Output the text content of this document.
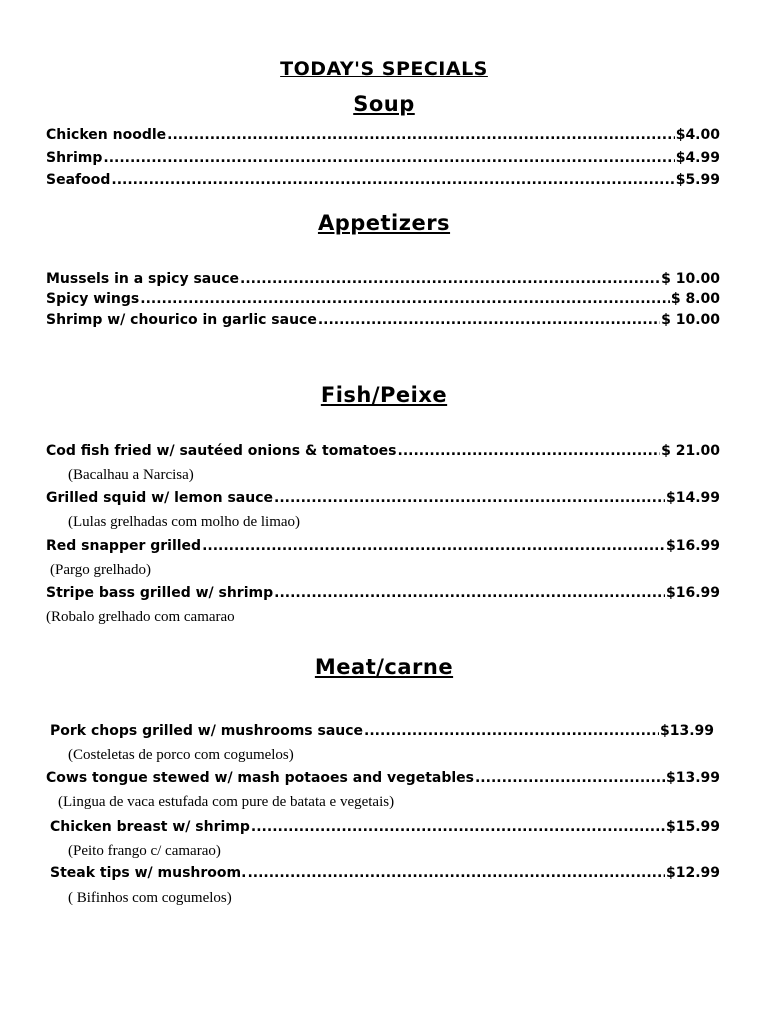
TODAY'S SPECIALS
Soup
Chicken noodle .....	$4.00
Shrimp .....	$4.99
Seafood .....	$5.99
Appetizers
Mussels in a spicy sauce .....	$ 10.00
Spicy wings .....	$ 8.00
Shrimp w/ chourico in garlic sauce .....	$ 10.00
Fish/Peixe
Cod fish fried w/ sautéed onions & tomatoes .....	$ 21.00
(Bacalhau a Narcisa)
Grilled squid w/ lemon sauce .....	$14.99
(Lulas grelhadas com molho de limao)
Red snapper grilled .....	$16.99
(Pargo grelhado)
Stripe bass grilled w/ shrimp .....	$16.99
(Robalo grelhado com camarao
Meat/carne
Pork chops grilled w/ mushrooms sauce .....	$13.99
(Costeletas de porco com cogumelos)
Cows tongue stewed w/ mash potaoes and vegetables .....	$13.99
(Lingua de vaca estufada com pure de batata e vegetais)
Chicken breast w/ shrimp .....	$15.99
(Peito frango c/ camarao)
Steak tips w/ mushroom. .....	$12.99
( Bifinhos com cogumelos)
